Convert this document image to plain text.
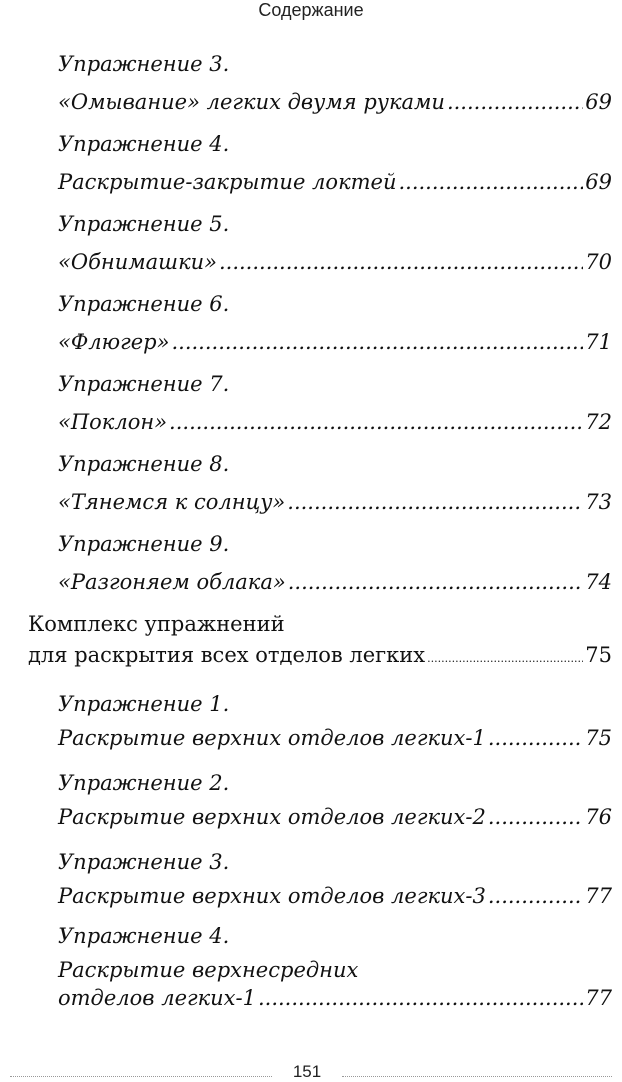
Содержание
Упражнение 3.
«Омывание» легких двумя руками .....	69
Упражнение 4.
Раскрытие-закрытие локтей .....	69
Упражнение 5.
«Обнимашки» .....	70
Упражнение 6.
«Флюгер» .....	71
Упражнение 7.
«Поклон» .....	72
Упражнение 8.
«Тянемся к солнцу» .....	73
Упражнение 9.
«Разгоняем облака» .....	74
Комплекс упражнений
для раскрытия всех отделов легких .....	75
Упражнение 1.
Раскрытие верхних отделов легких-1 .....	75
Упражнение 2.
Раскрытие верхних отделов легких-2 .....	76
Упражнение 3.
Раскрытие верхних отделов легких-3 .....	77
Упражнение 4.
Раскрытие верхнесредних
отделов легких-1 .....	77
151
